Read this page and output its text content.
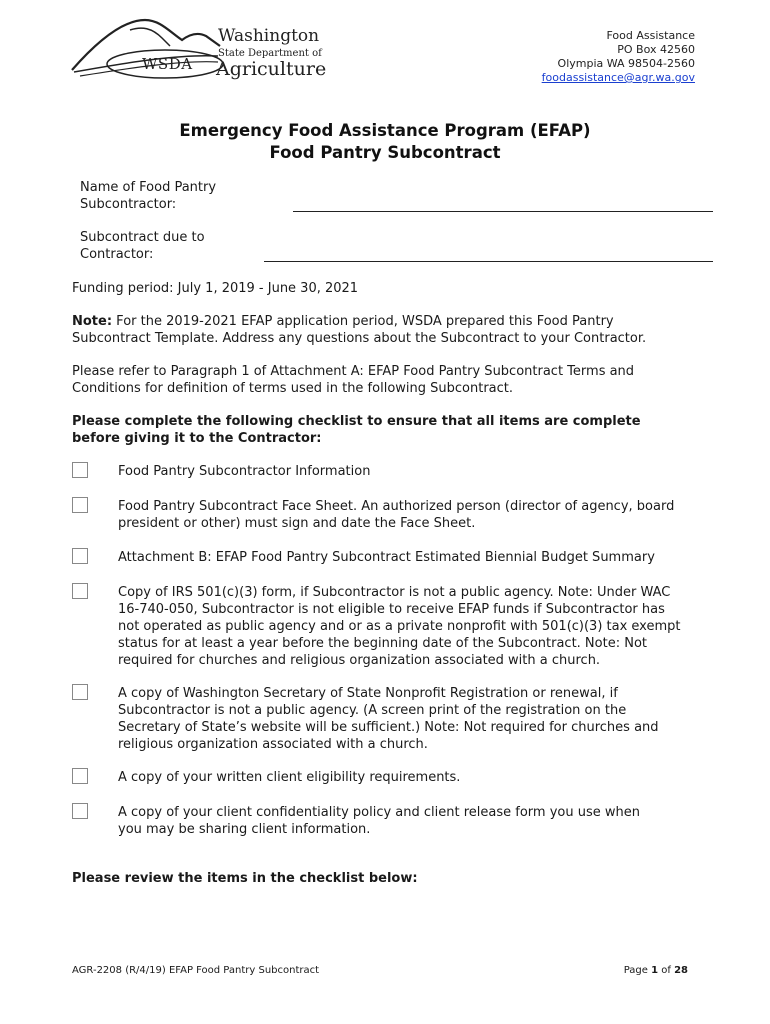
Washington
State Department of
Agriculture
WSDA
Food Assistance
PO Box 42560
Olympia WA 98504-2560
foodassistance@agr.wa.gov
Emergency Food Assistance Program (EFAP)
Food Pantry Subcontract
Name of Food Pantry
Subcontractor:
Subcontract due to
Contractor:
Funding period: July 1, 2019 - June 30, 2021
Note: For the 2019-2021 EFAP application period, WSDA prepared this Food Pantry
Subcontract Template. Address any questions about the Subcontract to your Contractor.
Please refer to Paragraph 1 of Attachment A: EFAP Food Pantry Subcontract Terms and
Conditions for definition of terms used in the following Subcontract.
Please complete the following checklist to ensure that all items are complete
before giving it to the Contractor:
Food Pantry Subcontractor Information
Food Pantry Subcontract Face Sheet. An authorized person (director of agency, board
president or other) must sign and date the Face Sheet.
Attachment B: EFAP Food Pantry Subcontract Estimated Biennial Budget Summary
Copy of IRS 501(c)(3) form, if Subcontractor is not a public agency. Note: Under WAC
16-740-050, Subcontractor is not eligible to receive EFAP funds if Subcontractor has
not operated as public agency and or as a private nonprofit with 501(c)(3) tax exempt
status for at least a year before the beginning date of the Subcontract. Note: Not
required for churches and religious organization associated with a church.
A copy of Washington Secretary of State Nonprofit Registration or renewal, if
Subcontractor is not a public agency. (A screen print of the registration on the
Secretary of State’s website will be sufficient.) Note: Not required for churches and
religious organization associated with a church.
A copy of your written client eligibility requirements.
A copy of your client confidentiality policy and client release form you use when
you may be sharing client information.
Please review the items in the checklist below:
AGR-2208 (R/4/19) EFAP Food Pantry Subcontract	Page 1 of 28
